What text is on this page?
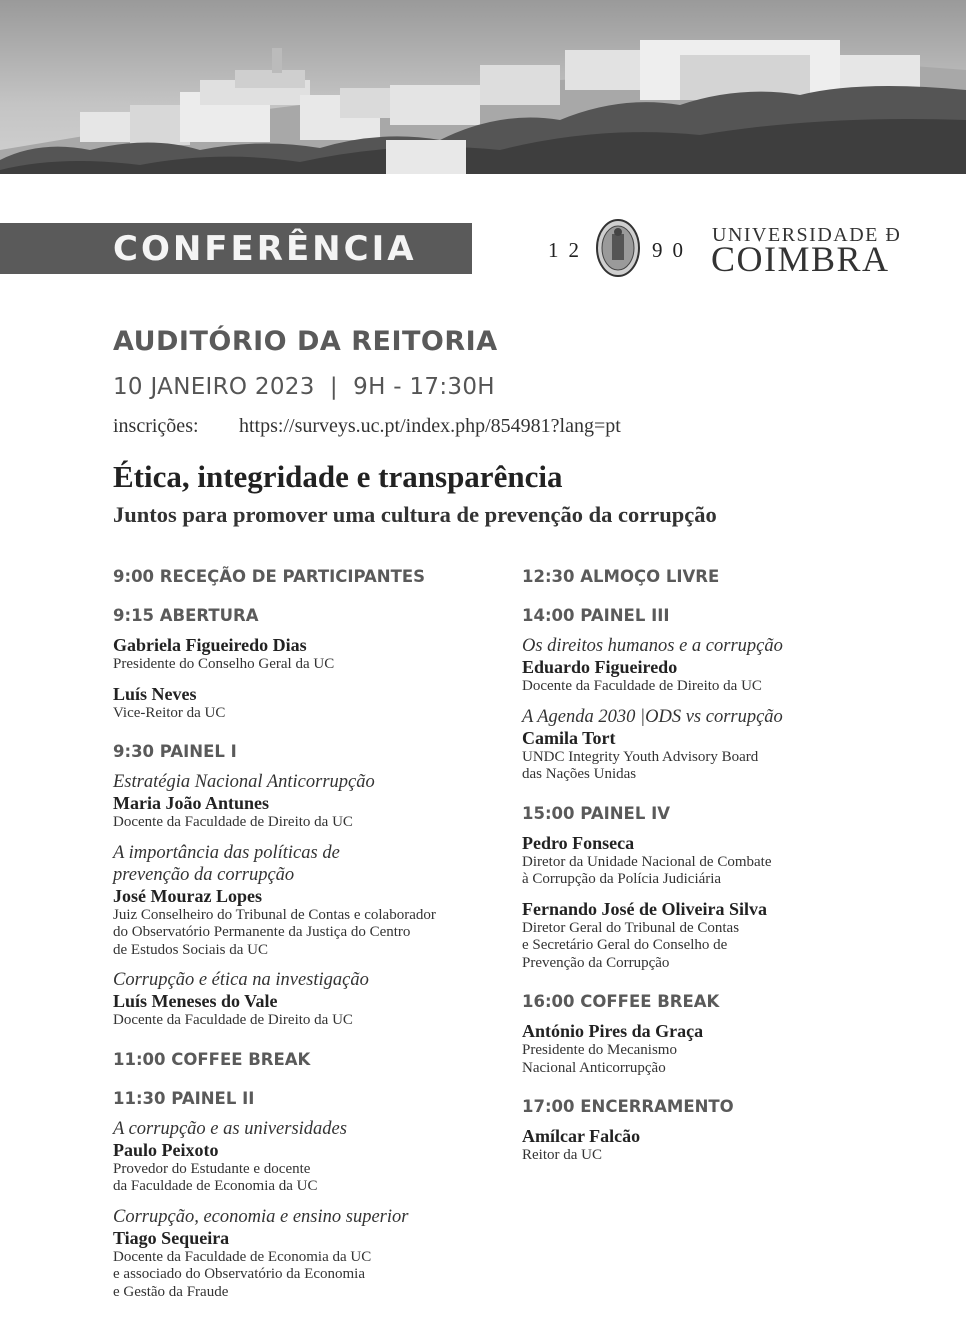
CONFERÊNCIA	12	90
UNIVERSIDADE Ð
COIMBRA
AUDITÓRIO DA REITORIA
10 JANEIRO 2023  |  9H - 17:30H
inscrições: https://surveys.uc.pt/index.php/854981?lang=pt
Ética, integridade e transparência
Juntos para promover uma cultura de prevenção da corrupção
9:00 RECEÇÃO DE PARTICIPANTES
9:15 ABERTURA
Gabriela Figueiredo Dias
Presidente do Conselho Geral da UC
Luís Neves
Vice-Reitor da UC
9:30 PAINEL I
Estratégia Nacional Anticorrupção
Maria João Antunes
Docente da Faculdade de Direito da UC
A importância das políticas de
prevenção da corrupção
José Mouraz Lopes
Juiz Conselheiro do Tribunal de Contas e colaborador
do Observatório Permanente da Justiça do Centro
de Estudos Sociais da UC
Corrupção e ética na investigação
Luís Meneses do Vale
Docente da Faculdade de Direito da UC
11:00 COFFEE BREAK
11:30 PAINEL II
A corrupção e as universidades
Paulo Peixoto
Provedor do Estudante e docente
da Faculdade de Economia da UC
Corrupção, economia e ensino superior
Tiago Sequeira
Docente da Faculdade de Economia da UC
e associado do Observatório da Economia
e Gestão da Fraude
12:30 ALMOÇO LIVRE
14:00 PAINEL III
Os direitos humanos e a corrupção
Eduardo Figueiredo
Docente da Faculdade de Direito da UC
A Agenda 2030 |ODS vs corrupção
Camila Tort
UNDC Integrity Youth Advisory Board
das Nações Unidas
15:00 PAINEL IV
Pedro Fonseca
Diretor da Unidade Nacional de Combate
à Corrupção da Polícia Judiciária
Fernando José de Oliveira Silva
Diretor Geral do Tribunal de Contas
e Secretário Geral do Conselho de
Prevenção da Corrupção
16:00 COFFEE BREAK
António Pires da Graça
Presidente do Mecanismo
Nacional Anticorrupção
17:00 ENCERRAMENTO
Amílcar Falcão
Reitor da UC
